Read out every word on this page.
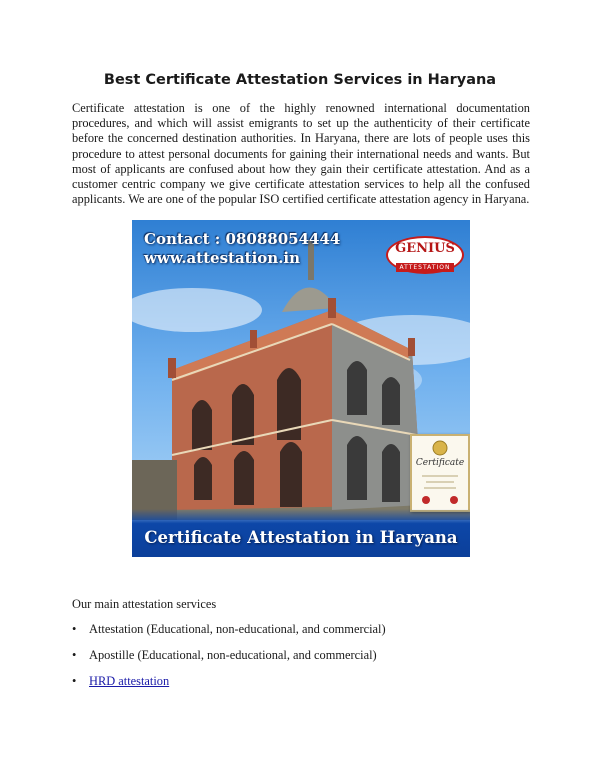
Best Certificate Attestation Services in Haryana

Certificate attestation is one of the highly renowned international documentation procedures, and which will assist emigrants to set up the authenticity of their certificate before the concerned destination authorities. In Haryana, there are lots of people uses this procedure to attest personal documents for gaining their international needs and wants. But most of applicants are confused about how they gain their certificate attestation. And as a customer centric company we give certificate attestation services to help all the confused applicants. We are one of the popular ISO certified certificate attestation agency in Haryana.

Contact : 08088054444
www.attestation.in
GENIUS
ATTESTATION
Certificate
Certificate Attestation in Haryana
Our main attestation services
• Attestation (Educational, non-educational, and commercial)
• Apostille (Educational, non-educational, and commercial)
• HRD attestation
